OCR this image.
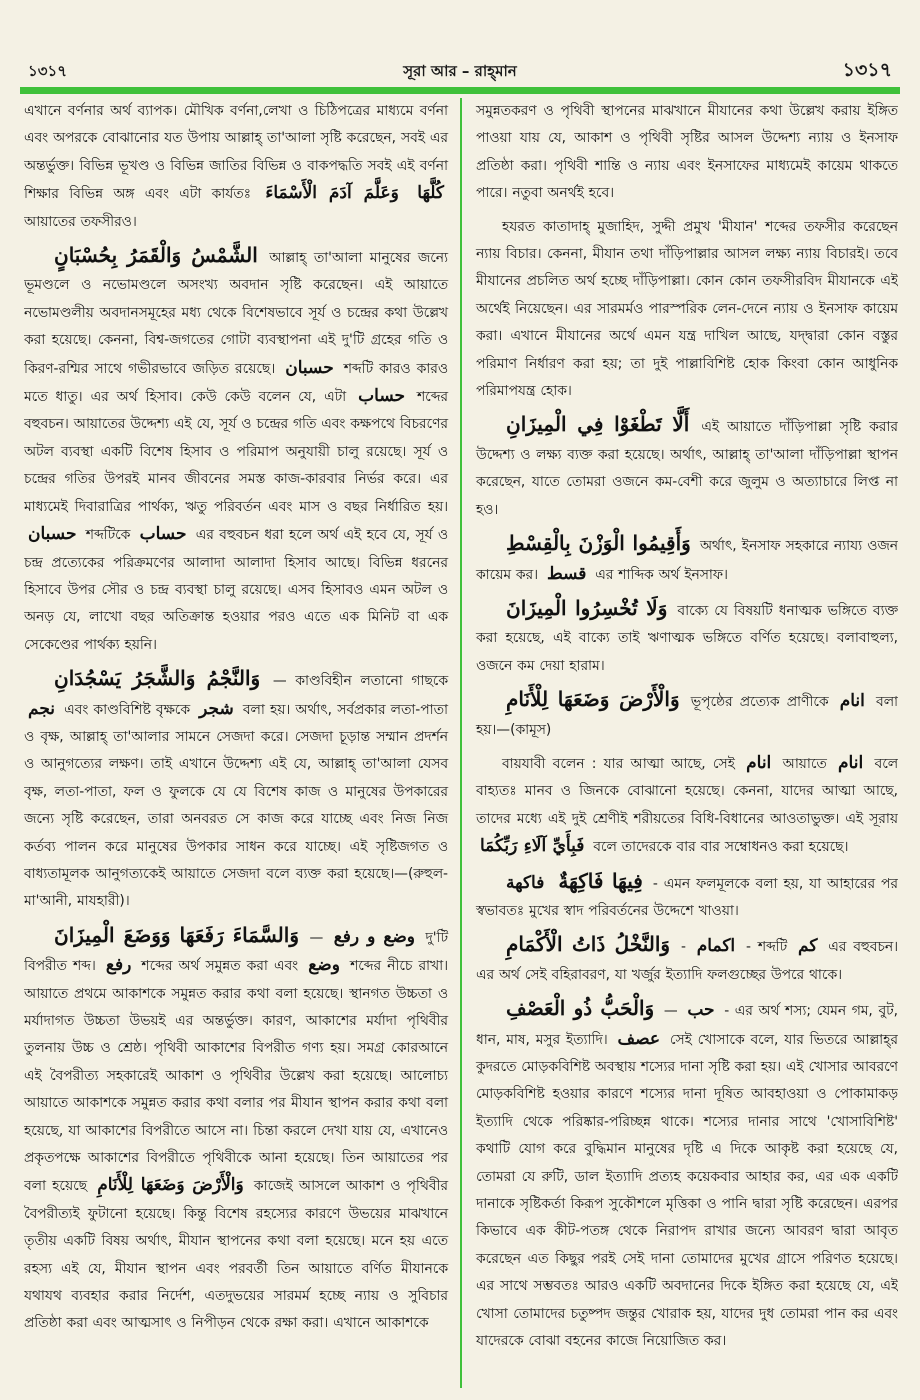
১৩১৭	সূরা আর – রাহ্‌মান	১৩১৭

এখানে বর্ণনার অর্থ ব্যাপক। মৌখিক বর্ণনা,লেখা ও চিঠিপত্রের মাধ্যমে বর্ণনা এবং অপরকে বোঝানোর যত উপায় আল্লাহ্‌ তা'আলা সৃষ্টি করেছেন, সবই এর অন্তর্ভুক্ত। বিভিন্ন ভূখণ্ড ও বিভিন্ন জাতির বিভিন্ন ও বাকপদ্ধতি সবই এই বর্ণনা শিক্ষার বিভিন্ন অঙ্গ এবং এটা কার্যতঃ وَعَلَّمَ آدَمَ الْأَسْمَاءَ كُلَّهَا আয়াতের তফসীরও।

الشَّمْسُ وَالْقَمَرُ بِحُسْبَانٍ আল্লাহ্‌ তা'আলা মানুষের জন্যে ভূমণ্ডলে ও নভোমণ্ডলে অসংখ্য অবদান সৃষ্টি করেছেন। এই আয়াতে নভোমণ্ডলীয় অবদানসমূহের মধ্য থেকে বিশেষভাবে সূর্য ও চন্দ্রের কথা উল্লেখ করা হয়েছে। কেননা, বিশ্ব-জগতের গোটা ব্যবস্থাপনা এই দু'টি গ্রহের গতি ও কিরণ-রশ্মির সাথে গভীরভাবে জড়িত রয়েছে। حسبان শব্দটি কারও কারও মতে ধাতু। এর অর্থ হিসাব। কেউ কেউ বলেন যে, এটা حساب শব্দের বহুবচন। আয়াতের উদ্দেশ্য এই যে, সূর্য ও চন্দ্রের গতি এবং কক্ষপথে বিচরণের অটল ব্যবস্থা একটি বিশেষ হিসাব ও পরিমাপ অনুযায়ী চালু রয়েছে। সূর্য ও চন্দ্রের গতির উপরই মানব জীবনের সমস্ত কাজ-কারবার নির্ভর করে। এর মাধ্যমেই দিবারাত্রির পার্থক্য, ঋতু পরিবর্তন এবং মাস ও বছর নির্ধারিত হয়। حسبان শব্দটিকে حساب এর বহুবচন ধরা হলে অর্থ এই হবে যে, সূর্য ও চন্দ্র প্রত্যেকের পরিক্রমণের আলাদা আলাদা হিসাব আছে। বিভিন্ন ধরনের হিসাবে উপর সৌর ও চন্দ্র ব্যবস্থা চালু রয়েছে। এসব হিসাবও এমন অটল ও অনড় যে, লাখো বছর অতিক্রান্ত হওয়ার পরও এতে এক মিনিট বা এক সেকেণ্ডের পার্থক্য হয়নি।

وَالنَّجْمُ وَالشَّجَرُ يَسْجُدَانِ — কাণ্ডবিহীন লতানো গাছকে نجم এবং কাণ্ডবিশিষ্ট বৃক্ষকে شجر বলা হয়। অর্থাৎ, সর্বপ্রকার লতা-পাতা ও বৃক্ষ, আল্লাহ্‌ তা'আলার সামনে সেজদা করে। সেজদা চূড়ান্ত সম্মান প্রদর্শন ও আনুগত্যের লক্ষণ। তাই এখানে উদ্দেশ্য এই যে, আল্লাহ্‌ তা'আলা যেসব বৃক্ষ, লতা-পাতা, ফল ও ফুলকে যে যে বিশেষ কাজ ও মানুষের উপকারের জন্যে সৃষ্টি করেছেন, তারা অনবরত সে কাজ করে যাচ্ছে এবং নিজ নিজ কর্তব্য পালন করে মানুষের উপকার সাধন করে যাচ্ছে। এই সৃষ্টিজগত ও বাধ্যতামূলক আনুগত্যকেই আয়াতে সেজদা বলে ব্যক্ত করা হয়েছে।—(রুহুল-মা'আনী, মাযহারী)।

وَالسَّمَاءَ رَفَعَهَا وَوَضَعَ الْمِيزَانَ — وضع و رفع দু'টি বিপরীত শব্দ। رفع শব্দের অর্থ সমুন্নত করা এবং وضع শব্দের নীচে রাখা। আয়াতে প্রথমে আকাশকে সমুন্নত করার কথা বলা হয়েছে। স্থানগত উচ্চতা ও মর্যাদাগত উচ্চতা উভয়ই এর অন্তর্ভুক্ত। কারণ, আকাশের মর্যাদা পৃথিবীর তুলনায় উচ্চ ও শ্রেষ্ঠ। পৃথিবী আকাশের বিপরীত গণ্য হয়। সমগ্র কোরআনে এই বৈপরীত্য সহকারেই আকাশ ও পৃথিবীর উল্লেখ করা হয়েছে। আলোচ্য আয়াতে আকাশকে সমুন্নত করার কথা বলার পর মীযান স্থাপন করার কথা বলা হয়েছে, যা আকাশের বিপরীতে আসে না। চিন্তা করলে দেখা যায় যে, এখানেও প্রকৃতপক্ষে আকাশের বিপরীতে পৃথিবীকে আনা হয়েছে। তিন আয়াতের পর বলা হয়েছে وَالْأَرْضَ وَضَعَهَا لِلْأَنَامِ কাজেই আসলে আকাশ ও পৃথিবীর বৈপরীত্যই ফুটানো হয়েছে। কিন্তু বিশেষ রহস্যের কারণে উভয়ের মাঝখানে তৃতীয় একটি বিষয় অর্থাৎ, মীযান স্থাপনের কথা বলা হয়েছে। মনে হয় এতে রহস্য এই যে, মীযান স্থাপন এবং পরবর্তী তিন আয়াতে বর্ণিত মীযানকে যথাযথ ব্যবহার করার নির্দেশ, এতদুভয়ের সারমর্ম হচ্ছে ন্যায় ও সুবিচার প্রতিষ্ঠা করা এবং আত্মসাৎ ও নিপীড়ন থেকে রক্ষা করা। এখানে আকাশকে

সমুন্নতকরণ ও পৃথিবী স্থাপনের মাঝখানে মীযানের কথা উল্লেখ করায় ইঙ্গিত পাওয়া যায় যে, আকাশ ও পৃথিবী সৃষ্টির আসল উদ্দেশ্য ন্যায় ও ইনসাফ প্রতিষ্ঠা করা। পৃথিবী শান্তি ও ন্যায় এবং ইনসাফের মাধ্যমেই কায়েম থাকতে পারে। নতুবা অনর্থই হবে।

হযরত কাতাদাহ্‌ মুজাহিদ, সুদ্দী প্রমুখ 'মীযান' শব্দের তফসীর করেছেন ন্যায় বিচার। কেননা, মীযান তথা দাঁড়িপাল্লার আসল লক্ষ্য ন্যায় বিচারই। তবে মীযানের প্রচলিত অর্থ হচ্ছে দাঁড়িপাল্লা। কোন কোন তফসীরবিদ মীযানকে এই অর্থেই নিয়েছেন। এর সারমর্মও পারস্পরিক লেন-দেনে ন্যায় ও ইনসাফ কায়েম করা। এখানে মীযানের অর্থে এমন যন্ত্র দাখিল আছে, যদ্দ্বারা কোন বস্তুর পরিমাণ নির্ধারণ করা হয়; তা দুই পাল্লাবিশিষ্ট হোক কিংবা কোন আধুনিক পরিমাপযন্ত্র হোক।

أَلَّا تَطْغَوْا فِي الْمِيزَانِ এই আয়াতে দাঁড়িপাল্লা সৃষ্টি করার উদ্দেশ্য ও লক্ষ্য ব্যক্ত করা হয়েছে। অর্থাৎ, আল্লাহ্‌ তা'আলা দাঁড়িপাল্লা স্থাপন করেছেন, যাতে তোমরা ওজনে কম-বেশী করে জুলুম ও অত্যাচারে লিপ্ত না হও।

وَأَقِيمُوا الْوَزْنَ بِالْقِسْطِ অর্থাৎ, ইনসাফ সহকারে ন্যায্য ওজন কায়েম কর। قسط এর শাব্দিক অর্থ ইনসাফ।

وَلَا تُخْسِرُوا الْمِيزَانَ বাক্যে যে বিষয়টি ধনাত্মক ভঙ্গিতে ব্যক্ত করা হয়েছে, এই বাক্যে তাই ঋণাত্মক ভঙ্গিতে বর্ণিত হয়েছে। বলাবাহুল্য, ওজনে কম দেয়া হারাম।

وَالْأَرْضَ وَضَعَهَا لِلْأَنَامِ ভূপৃষ্ঠের প্রত্যেক প্রাণীকে انام বলা হয়।—(কামূস)

বায়যাবী বলেন : যার আত্মা আছে, সেই انام আয়াতে انام বলে বাহ্যতঃ মানব ও জিনকে বোঝানো হয়েছে। কেননা, যাদের আত্মা আছে, তাদের মধ্যে এই দুই শ্রেণীই শরীয়তের বিধি-বিধানের আওতাভুক্ত। এই সূরায় فَبِأَيِّ آلَاءِ رَبِّكُمَا বলে তাদেরকে বার বার সম্বোধনও করা হয়েছে।

فاكهة فِيهَا فَاكِهَةٌ - এমন ফলমূলকে বলা হয়, যা আহারের পর স্বভাবতঃ মুখের স্বাদ পরিবর্তনের উদ্দেশে খাওয়া।

وَالنَّخْلُ ذَاتُ الْأَكْمَامِ - اكمام - শব্দটি كم এর বহুবচন। এর অর্থ সেই বহিরাবরণ, যা খর্জুর ইত্যাদি ফলগুচ্ছের উপরে থাকে।

وَالْحَبُّ ذُو الْعَصْفِ — حب - এর অর্থ শস্য; যেমন গম, বুট, ধান, মাষ, মসুর ইত্যাদি। عصف সেই খোসাকে বলে, যার ভিতরে আল্লাহ্‌র কুদরতে মোড়কবিশিষ্ট অবস্থায় শস্যের দানা সৃষ্টি করা হয়। এই খোসার আবরণে মোড়কবিশিষ্ট হওয়ার কারণে শস্যের দানা দূষিত আবহাওয়া ও পোকামাকড় ইত্যাদি থেকে পরিষ্কার-পরিচ্ছন্ন থাকে। শস্যের দানার সাথে 'খোসাবিশিষ্ট' কথাটি যোগ করে বুদ্ধিমান মানুষের দৃষ্টি এ দিকে আকৃষ্ট করা হয়েছে যে, তোমরা যে রুটি, ডাল ইত্যাদি প্রত্যহ কয়েকবার আহার কর, এর এক একটি দানাকে সৃষ্টিকর্তা কিরূপ সুকৌশলে মৃত্তিকা ও পানি দ্বারা সৃষ্টি করেছেন। এরপর কিভাবে এক কীট-পতঙ্গ থেকে নিরাপদ রাখার জন্যে আবরণ দ্বারা আবৃত করেছেন এত কিছুর পরই সেই দানা তোমাদের মুখের গ্রাসে পরিণত হয়েছে। এর সাথে সম্ভবতঃ আরও একটি অবদানের দিকে ইঙ্গিত করা হয়েছে যে, এই খোসা তোমাদের চতুষ্পদ জন্তুর খোরাক হয়, যাদের দুধ তোমরা পান কর এবং যাদেরকে বোঝা বহনের কাজে নিয়োজিত কর।
